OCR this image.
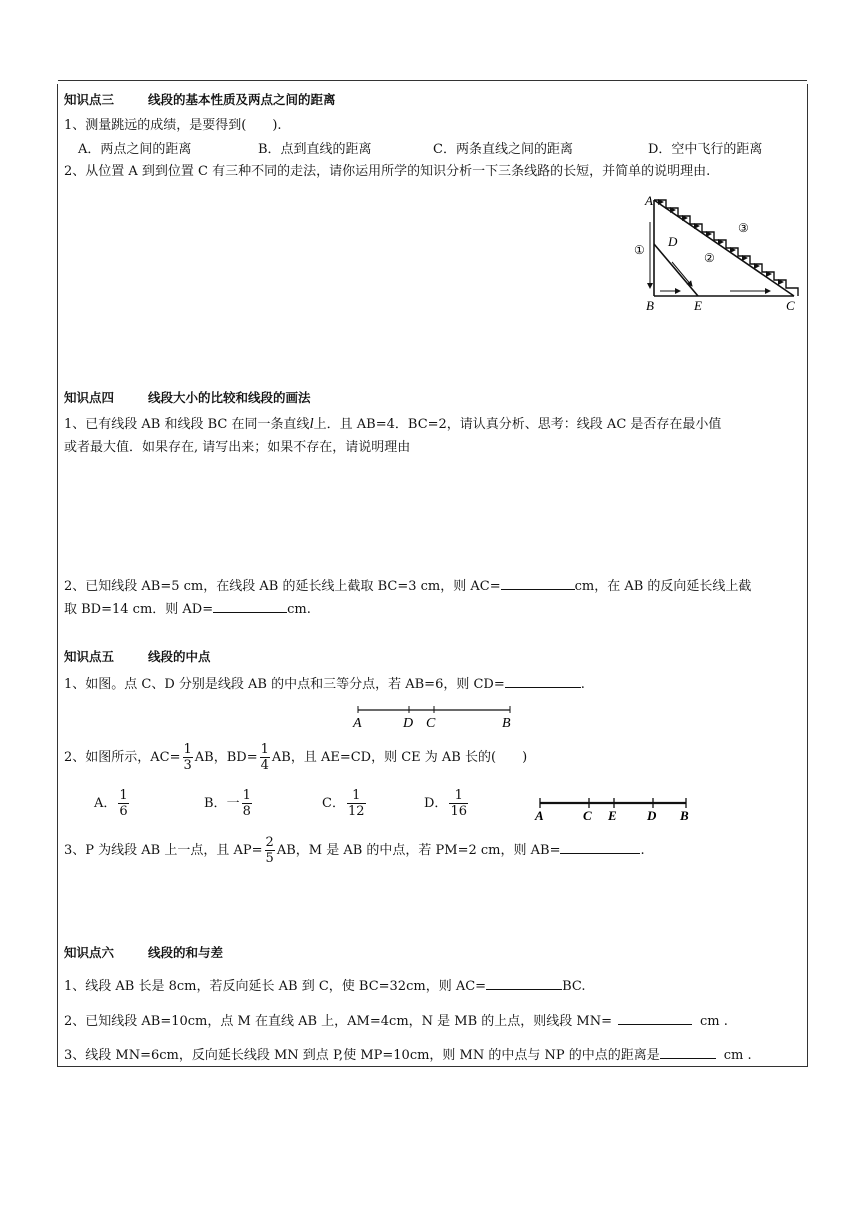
知识点三	线段的基本性质及两点之间的距离
1、测量跳远的成绩，是要得到(　　).
A．两点之间的距离	B．点到直线的距离	C．两条直线之间的距离	D．空中飞行的距离
2、从位置 A 到到位置 C 有三种不同的走法，请你运用所学的知识分析一下三条线路的长短，并简单的说明理由.
A
B	C
D
E
①
②
③
知识点四	线段大小的比较和线段的画法
1、已有线段 AB 和线段 BC 在同一条直线l上．且 AB=4．BC=2，请认真分析、思考：线段 AC 是否存在最小值
或者最大值．如果存在, 请写出来；如果不存在，请说明理由
2、已知线段 AB=5 cm，在线段 AB 的延长线上截取 BC=3 cm，则 AC=	cm，在 AB 的反向延长线上截
取 BD=14 cm．则 AD=	cm.
知识点五	线段的中点
1、如图。点 C、D 分别是线段 AB 的中点和三等分点，若 AB=6，则 CD=	.
A	D C	B
2、如图所示，$AC= \frac{1}{3}$ AB，$BD= \frac{1}{4}$ AB，且 AE=CD，则 CE 为 AB 长的(　　)
A． $\frac{1}{6}$	B．一 $\frac{1}{8}$	C． $\frac{1}{12}$	D． $\frac{1}{16}$	A	C E D B
3、P 为线段 AB 上一点，且 $AP= \frac{2}{5}$ AB，M 是 AB 的中点，若 PM=2 cm，则 AB=	.
知识点六	线段的和与差
1、线段 AB 长是 8cm，若反向延长 AB 到 C，使 BC=32cm，则 AC=	BC.
2、已知线段 AB=10cm，点 M 在直线 AB 上，AM=4cm，N 是 MB 的上点，则线段 MN=	cm .
3、线段 MN=6cm，反向延长线段 MN 到点 P,使 MP=10cm，则 MN 的中点与 NP 的中点的距离是	cm .
